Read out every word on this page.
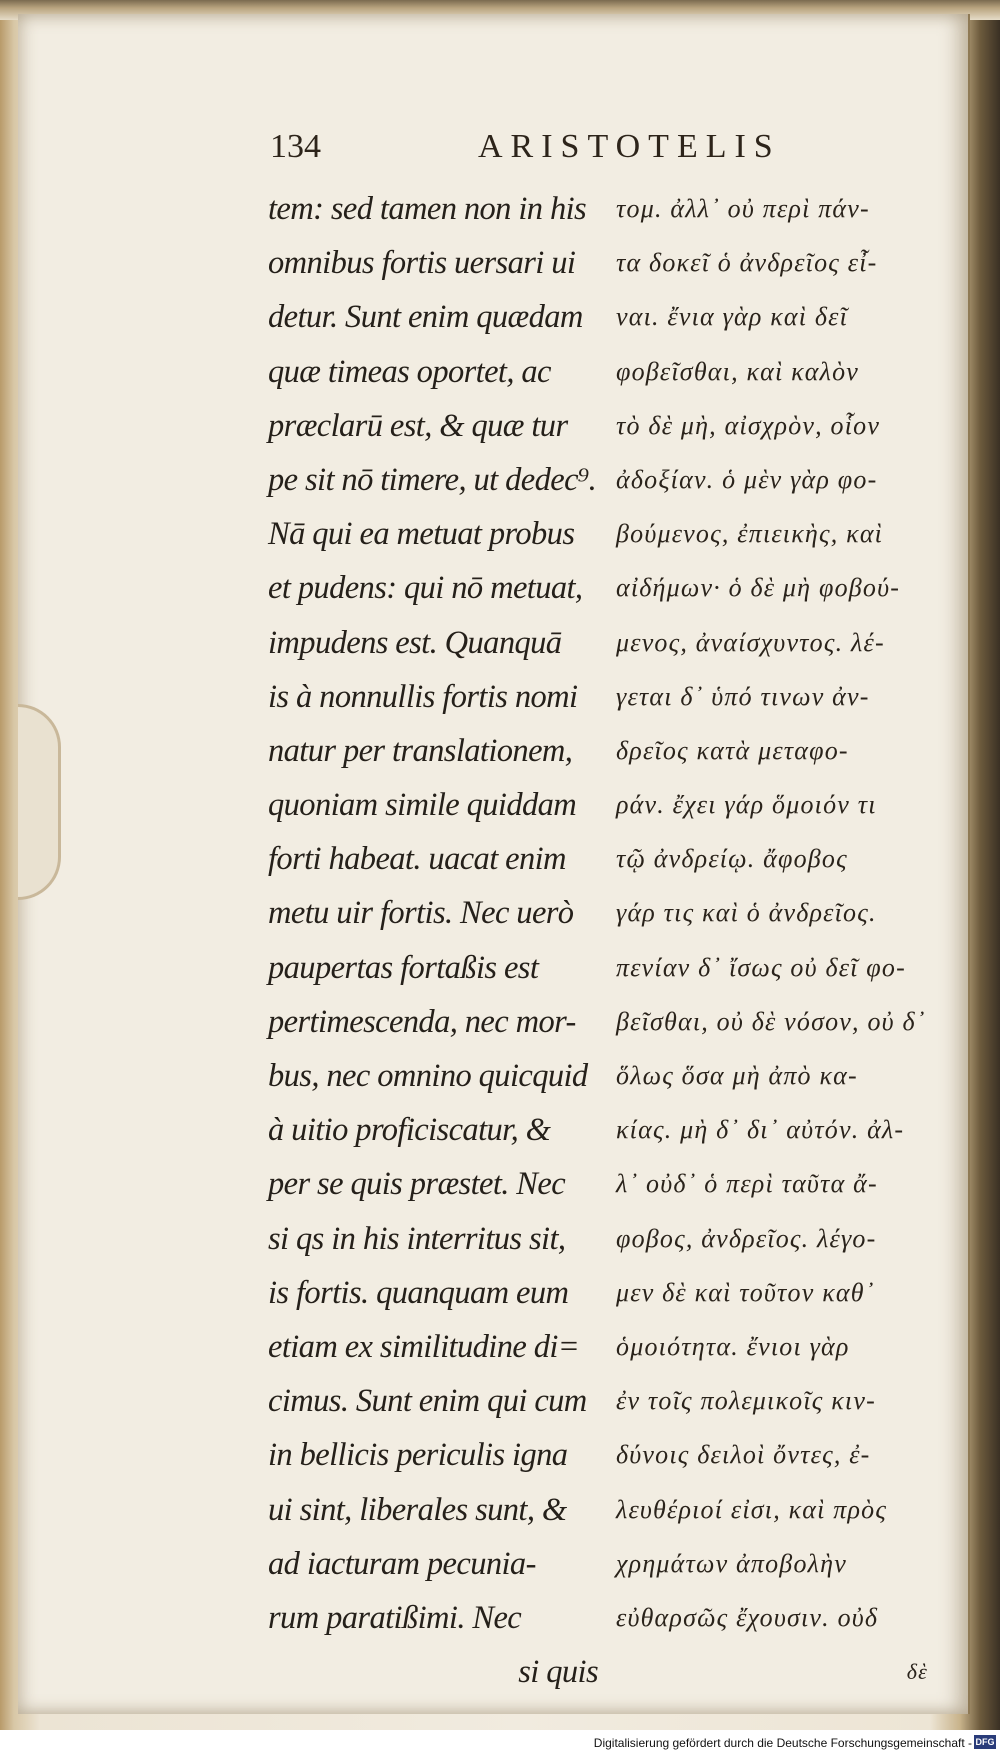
134	ARISTOTELIS
tem: sed tamen non in his
omnibus fortis uersari ui
detur. Sunt enim quædam
quæ timeas oportet, ac
præclarū est, & quæ tur
pe sit nō timere, ut dedec⁹.
Nā qui ea metuat probus
et pudens: qui nō metuat,
impudens est. Quanquā
is à nonnullis fortis nomi
natur per translationem,
quoniam simile quiddam
forti habeat. uacat enim
metu uir fortis. Nec uerò
paupertas fortaßis est
pertimescenda, nec mor-
bus, nec omnino quicquid
à uitio proficiscatur, &
per se quis præstet. Nec
si qs in his interritus sit,
is fortis. quanquam eum
etiam ex similitudine di=
cimus. Sunt enim qui cum
in bellicis periculis igna
ui sint, liberales sunt, &
ad iacturam pecunia-
rum paratißimi. Nec
si quis
τομ. ἀλλ᾽ οὐ περὶ πάν-
τα δοκεῖ ὁ ἀνδρεῖος εἶ-
ναι. ἔνια γὰρ καὶ δεῖ
φοβεῖσθαι, καὶ καλὸν
τὸ δὲ μὴ, αἰσχρὸν, οἷον
ἀδοξίαν. ὁ μὲν γὰρ φο-
βούμενος, ἐπιεικὴς, καὶ
αἰδήμων· ὁ δὲ μὴ φοβού-
μενος, ἀναίσχυντος. λέ-
γεται δ᾽ ὑπό τινων ἀν-
δρεῖος κατὰ μεταφο-
ράν. ἔχει γάρ ὅμοιόν τι
τῷ ἀνδρείῳ. ἄφοβος
γάρ τις καὶ ὁ ἀνδρεῖος.
πενίαν δ᾽ ἴσως οὐ δεῖ φο-
βεῖσθαι, οὐ δὲ νόσον, οὐ δ᾽
ὅλως ὅσα μὴ ἀπὸ κα-
κίας. μὴ δ᾽ δι᾽ αὐτόν. ἀλ-
λ᾽ οὐδ᾽ ὁ περὶ ταῦτα ἄ-
φοβος, ἀνδρεῖος. λέγο-
μεν δὲ καὶ τοῦτον καθ᾽
ὁμοιότητα. ἔνιοι γὰρ
ἐν τοῖς πολεμικοῖς κιν-
δύνοις δειλοὶ ὄντες, ἐ-
λευθέριοί εἰσι, καὶ πρὸς
χρημάτων ἀποβολὴν
εὐθαρσῶς ἔχουσιν. οὐδ
δὲ
Digitalisierung gefördert durch die Deutsche Forschungsgemeinschaft - DFG
